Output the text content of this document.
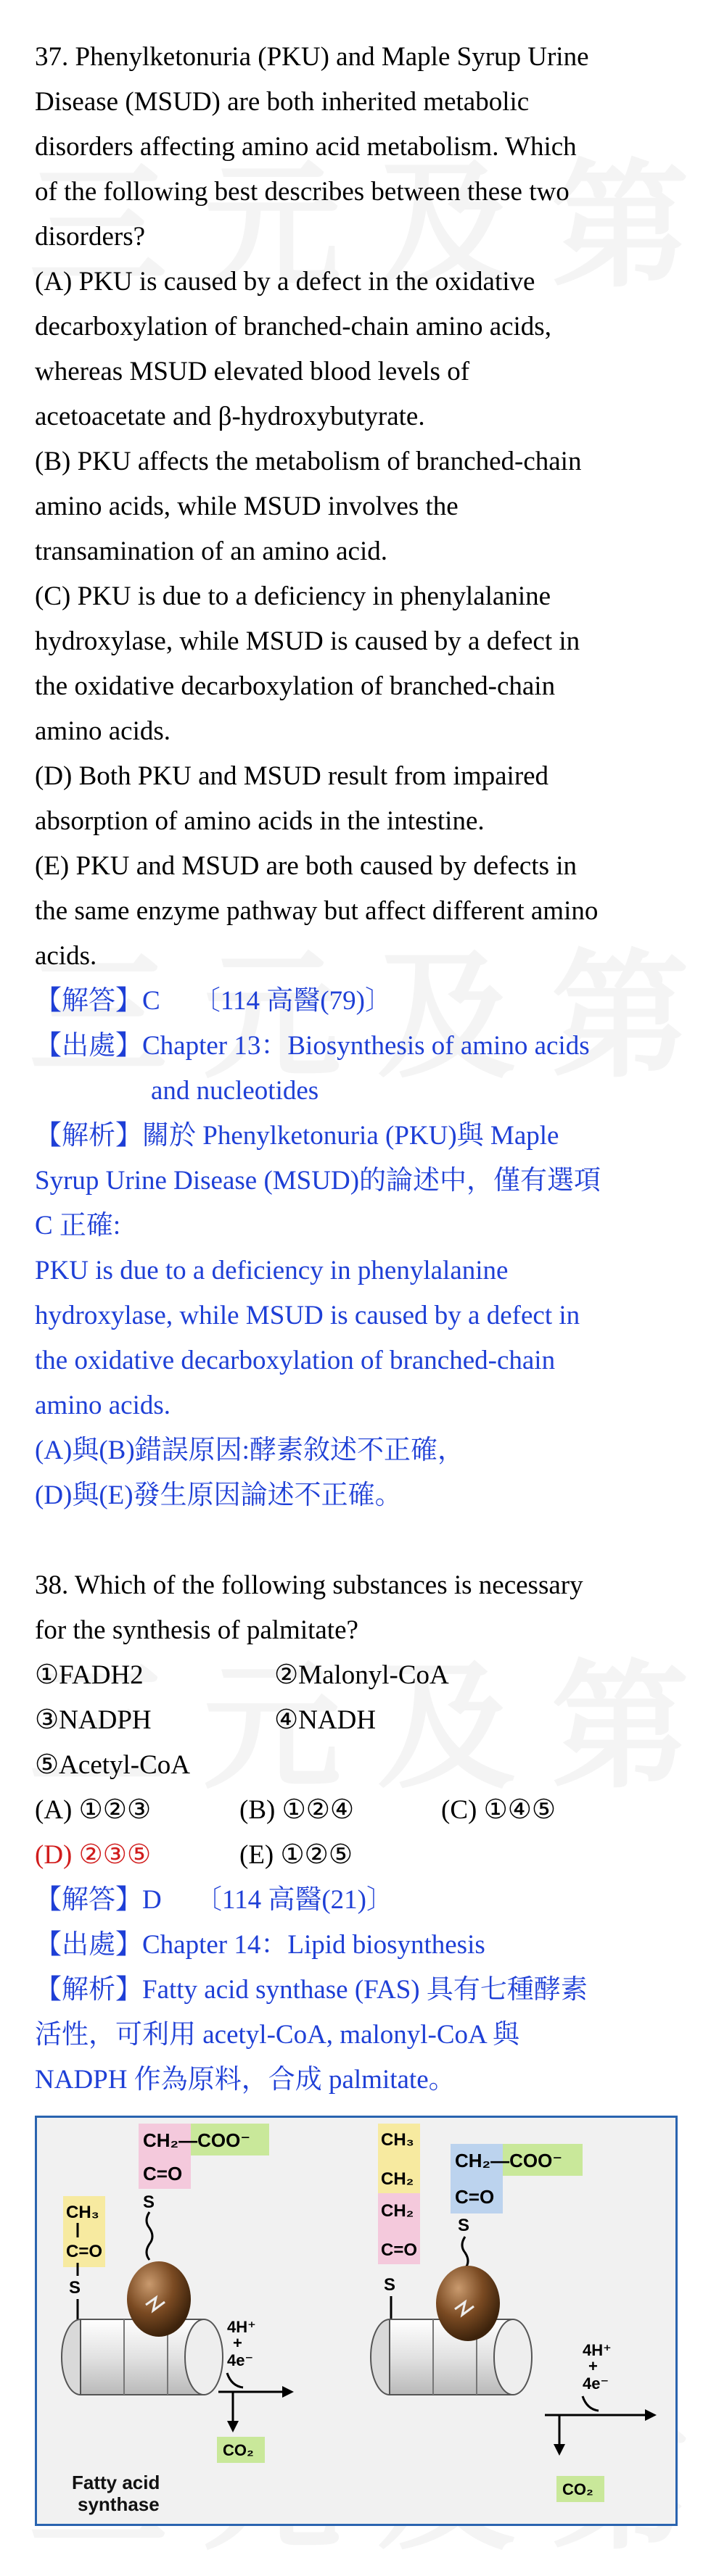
37. Phenylketonuria (PKU) and Maple Syrup Urine
Disease (MSUD) are both inherited metabolic
disorders affecting amino acid metabolism. Which
of the following best describes between these two
disorders?
(A) PKU is caused by a defect in the oxidative
decarboxylation of branched-chain amino acids,
whereas MSUD elevated blood levels of
acetoacetate and β-hydroxybutyrate.
(B) PKU affects the metabolism of branched-chain
amino acids, while MSUD involves the
transamination of an amino acid.
(C) PKU is due to a deficiency in phenylalanine
hydroxylase, while MSUD is caused by a defect in
the oxidative decarboxylation of branched-chain
amino acids.
(D) Both PKU and MSUD result from impaired
absorption of amino acids in the intestine.
(E) PKU and MSUD are both caused by defects in
the same enzyme pathway but affect different amino
acids.
【解答】 C　 〔114 高醫(79)〕
【出處】 Chapter 13：Biosynthesis of amino acids
and nucleotides
【解析】關於 Phenylketonuria (PKU)與 Maple
Syrup Urine Disease (MSUD)的論述中，僅有選項
C 正確:
PKU is due to a deficiency in phenylalanine
hydroxylase, while MSUD is caused by a defect in
the oxidative decarboxylation of branched-chain
amino acids.
(A)與(B)錯誤原因:酵素敘述不正確，
(D)與(E)發生原因論述不正確。
38. Which of the following substances is necessary
for the synthesis of palmitate?
①FADH2	②Malonyl-CoA
③NADPH	④NADH
⑤Acetyl-CoA
(A) ①②③	(B) ①②④	(C) ①④⑤
(D) ②③⑤	(E) ①②⑤
【解答】 D　 〔114 高醫(21)〕
【出處】 Chapter 14：Lipid biosynthesis
【解析】Fatty acid synthase (FAS) 具有七種酵素
活性，可利用 acetyl-CoA, malonyl-CoA 與
NADPH 作為原料，合成 palmitate。
CH₂—COO⁻
C=O
S
CH₃
C=O
S
4H⁺
+
4e⁻
CO₂
Fatty acid
synthase
CH₃
CH₂
CH₂
C=O
S
CH₂—COO⁻
C=O
S
4H⁺
+
4e⁻
CO₂
